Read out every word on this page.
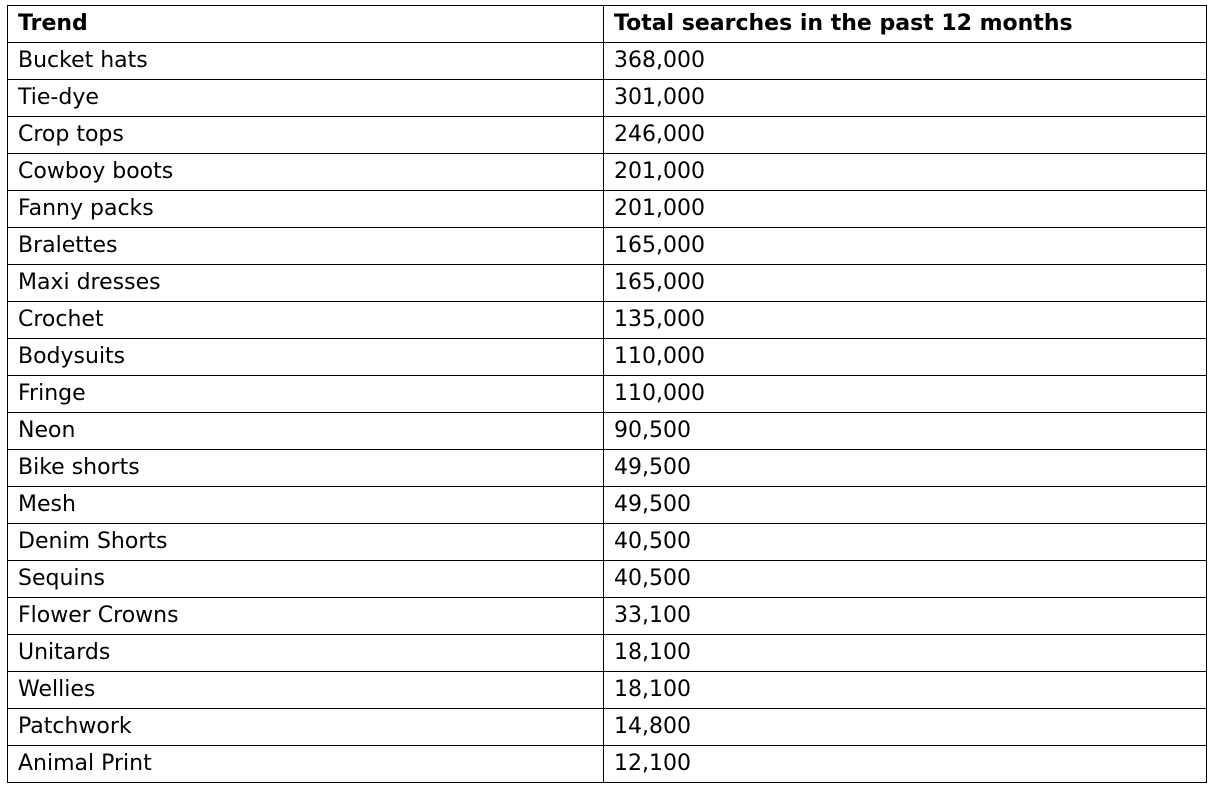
Trend	Total searches in the past 12 months
Bucket hats	368,000
Tie-dye	301,000
Crop tops	246,000
Cowboy boots	201,000
Fanny packs	201,000
Bralettes	165,000
Maxi dresses	165,000
Crochet	135,000
Bodysuits	110,000
Fringe	110,000
Neon	90,500
Bike shorts	49,500
Mesh	49,500
Denim Shorts	40,500
Sequins	40,500
Flower Crowns	33,100
Unitards	18,100
Wellies	18,100
Patchwork	14,800
Animal Print	12,100
